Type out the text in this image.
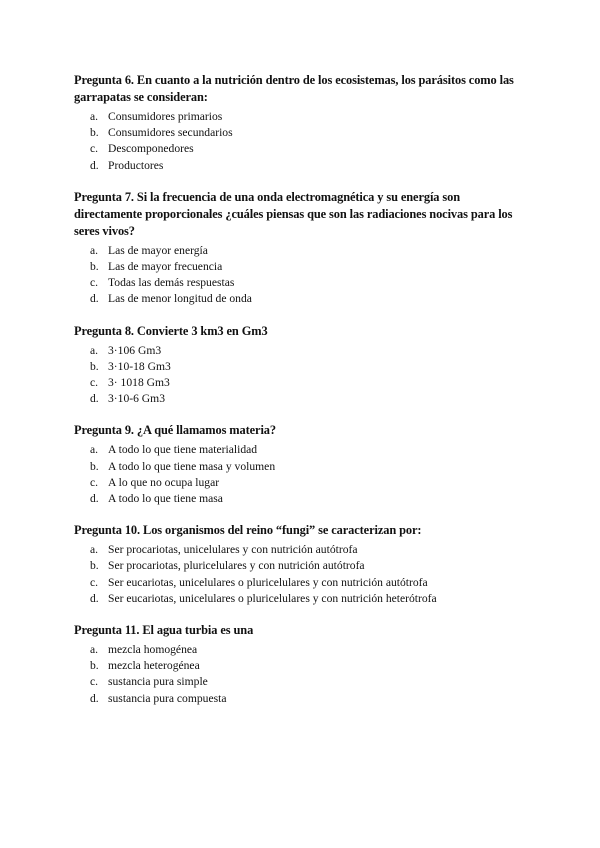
Pregunta 6. En cuanto a la nutrición dentro de los ecosistemas, los parásitos como las garrapatas se consideran:

a. Consumidores primarios
b. Consumidores secundarios
c. Descomponedores
d. Productores

Pregunta 7. Si la frecuencia de una onda electromagnética y su energía son directamente proporcionales ¿cuáles piensas que son las radiaciones nocivas para los seres vivos?

a. Las de mayor energía
b. Las de mayor frecuencia
c. Todas las demás respuestas
d. Las de menor longitud de onda

Pregunta 8. Convierte 3 km3 en Gm3

a. 3·106 Gm3
b. 3·10-18 Gm3
c. 3· 1018 Gm3
d. 3·10-6 Gm3

Pregunta 9. ¿A qué llamamos materia?

a. A todo lo que tiene materialidad
b. A todo lo que tiene masa y volumen
c. A lo que no ocupa lugar
d. A todo lo que tiene masa

Pregunta 10. Los organismos del reino “fungi” se caracterizan por:

a. Ser procariotas, unicelulares y con nutrición autótrofa
b. Ser procariotas, pluricelulares y con nutrición autótrofa
c. Ser eucariotas, unicelulares o pluricelulares y con nutrición autótrofa
d. Ser eucariotas, unicelulares o pluricelulares y con nutrición heterótrofa

Pregunta 11. El agua turbia es una

a. mezcla homogénea
b. mezcla heterogénea
c. sustancia pura simple
d. sustancia pura compuesta
